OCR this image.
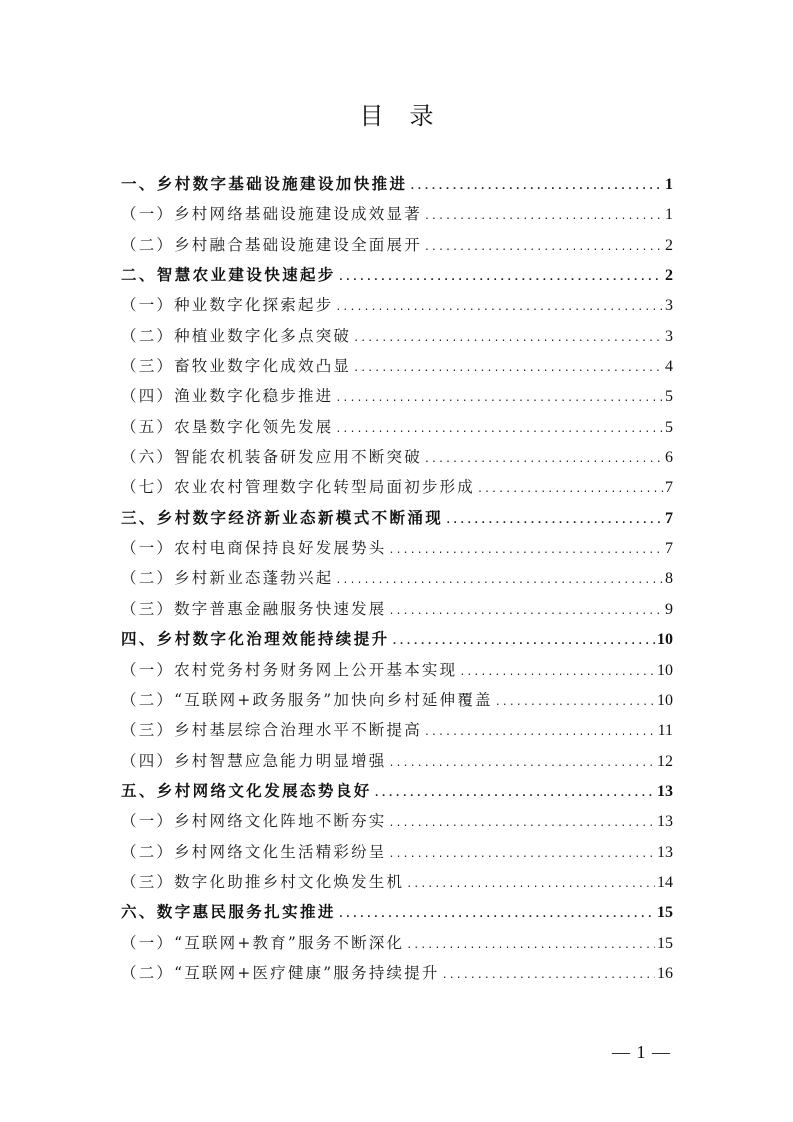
目录
一、乡村数字基础设施建设加快推进 .....	1
（一）乡村网络基础设施建设成效显著 .....	1
（二）乡村融合基础设施建设全面展开 .....	2
二、智慧农业建设快速起步 .....	2
（一）种业数字化探索起步 .....	3
（二）种植业数字化多点突破 .....	3
（三）畜牧业数字化成效凸显 .....	4
（四）渔业数字化稳步推进 .....	5
（五）农垦数字化领先发展 .....	5
（六）智能农机装备研发应用不断突破 .....	6
（七）农业农村管理数字化转型局面初步形成 .....	7
三、乡村数字经济新业态新模式不断涌现 .....	7
（一）农村电商保持良好发展势头 .....	7
（二）乡村新业态蓬勃兴起 .....	8
（三）数字普惠金融服务快速发展 .....	9
四、乡村数字化治理效能持续提升 .....	10
（一）农村党务村务财务网上公开基本实现 .....	10
（二）“互联网+政务服务”加快向乡村延伸覆盖 .....	10
（三）乡村基层综合治理水平不断提高 .....	11
（四）乡村智慧应急能力明显增强 .....	12
五、乡村网络文化发展态势良好 .....	13
（一）乡村网络文化阵地不断夯实 .....	13
（二）乡村网络文化生活精彩纷呈 .....	13
（三）数字化助推乡村文化焕发生机 .....	14
六、数字惠民服务扎实推进 .....	15
（一）“互联网+教育”服务不断深化 .....	15
（二）“互联网+医疗健康”服务持续提升 .....	16
— 1 —
